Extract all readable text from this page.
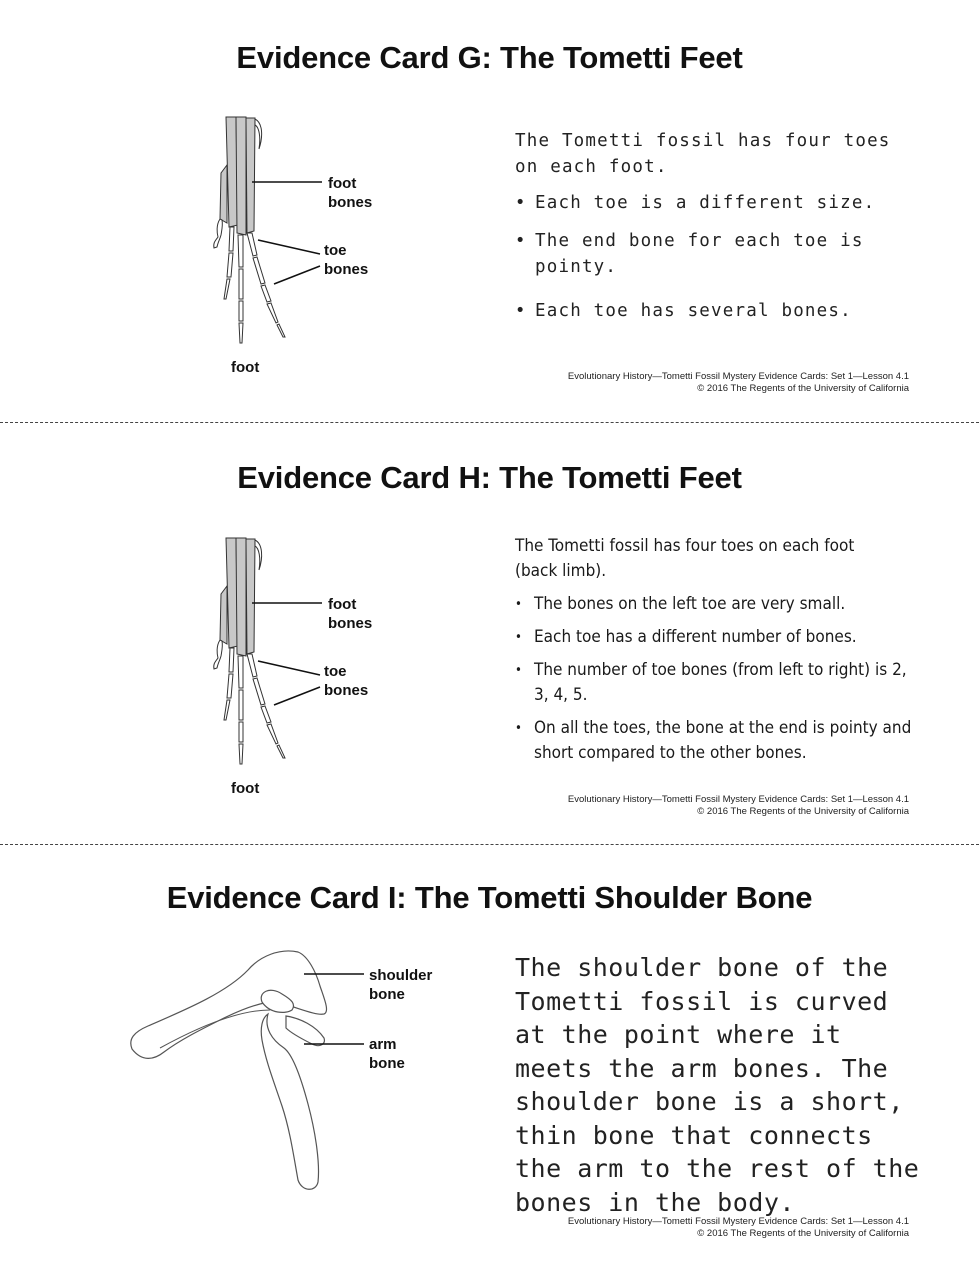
Evidence Card G: The Tometti Feet
foot
bones
toe
bones
foot

The Tometti fossil has four toes on each foot.

• Each toe is a different size.
• The end bone for each toe is pointy.
• Each toe has several bones.
Evolutionary History—Tometti Fossil Mystery Evidence Cards: Set 1—Lesson 4.1
© 2016 The Regents of the University of California
Evidence Card H: The Tometti Feet
foot
bones
toe
bones
foot

The Tometti fossil has four toes on each foot (back limb).

• The bones on the left toe are very small.
• Each toe has a different number of bones.
• The number of toe bones (from left to right) is 2, 3, 4, 5.
• On all the toes, the bone at the end is pointy and short compared to the other bones.
Evolutionary History—Tometti Fossil Mystery Evidence Cards: Set 1—Lesson 4.1
© 2016 The Regents of the University of California
Evidence Card I: The Tometti Shoulder Bone
shoulder
bone
arm
bone
The shoulder bone of the Tometti fossil is curved at the point where it meets the arm bones. The shoulder bone is a short, thin bone that connects the arm to the rest of the bones in the body.
Evolutionary History—Tometti Fossil Mystery Evidence Cards: Set 1—Lesson 4.1
© 2016 The Regents of the University of California
